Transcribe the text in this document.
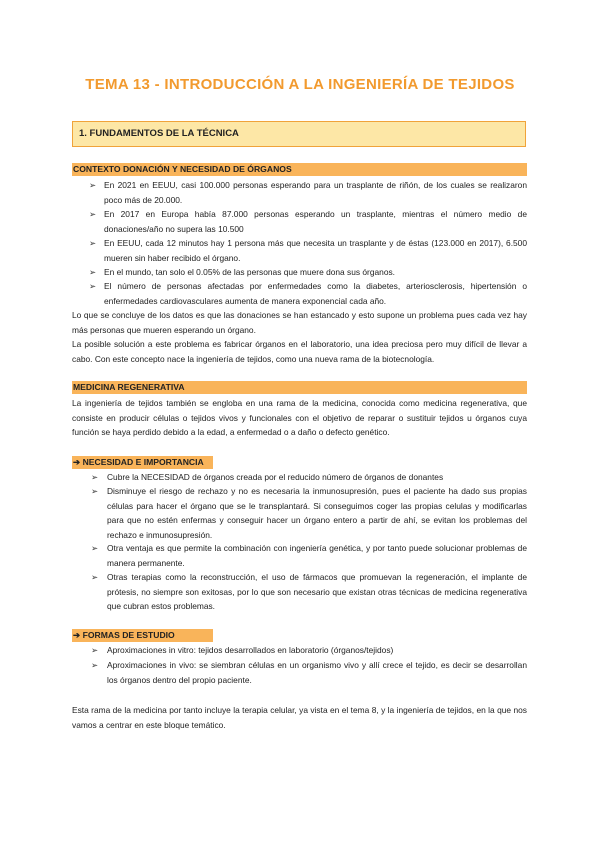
TEMA 13 - INTRODUCCIÓN A LA INGENIERÍA DE TEJIDOS
1. FUNDAMENTOS DE LA TÉCNICA
CONTEXTO DONACIÓN Y NECESIDAD DE ÓRGANOS
➢ En 2021 en EEUU, casi 100.000 personas esperando para un trasplante de riñón, de los cuales se realizaron poco más de 20.000.
➢ En 2017 en Europa había 87.000 personas esperando un trasplante, mientras el número medio de donaciones/año no supera las 10.500
➢ En EEUU, cada 12 minutos hay 1 persona más que necesita un trasplante y de éstas (123.000 en 2017), 6.500 mueren sin haber recibido el órgano.
➢ En el mundo, tan solo el 0.05% de las personas que muere dona sus órganos.
➢ El número de personas afectadas por enfermedades como la diabetes, arteriosclerosis, hipertensión o enfermedades cardiovasculares aumenta de manera exponencial cada año.
Lo que se concluye de los datos es que las donaciones se han estancado y esto supone un problema pues cada vez hay más personas que mueren esperando un órgano.
La posible solución a este problema es fabricar órganos en el laboratorio, una idea preciosa pero muy difícil de llevar a cabo. Con este concepto nace la ingeniería de tejidos, como una nueva rama de la biotecnología.
MEDICINA REGENERATIVA
La ingeniería de tejidos también se engloba en una rama de la medicina, conocida como medicina regenerativa, que consiste en producir células o tejidos vivos y funcionales con el objetivo de reparar o sustituir tejidos u órganos cuya función se haya perdido debido a la edad, a enfermedad o a daño o defecto genético.
➔ NECESIDAD E IMPORTANCIA
➢ Cubre la NECESIDAD de órganos creada por el reducido número de órganos de donantes
➢ Disminuye el riesgo de rechazo y no es necesaria la inmunosupresión, pues el paciente ha dado sus propias células para hacer el órgano que se le transplantará. Si conseguimos coger las propias celulas y modificarlas para que no estén enfermas y conseguir hacer un órgano entero a partir de ahí, se evitan los problemas del rechazo e inmunosupresión.
➢ Otra ventaja es que permite la combinación con ingeniería genética, y por tanto puede solucionar problemas de manera permanente.
➢ Otras terapias como la reconstrucción, el uso de fármacos que promuevan la regeneración, el implante de prótesis, no siempre son exitosas, por lo que son necesario que existan otras técnicas de medicina regenerativa que cubran estos problemas.
➔ FORMAS DE ESTUDIO
➢ Aproximaciones in vitro: tejidos desarrollados en laboratorio (órganos/tejidos)
➢ Aproximaciones in vivo: se siembran células en un organismo vivo y allí crece el tejido, es decir se desarrollan los órganos dentro del propio paciente.
Esta rama de la medicina por tanto incluye la terapia celular, ya vista en el tema 8, y la ingeniería de tejidos, en la que nos vamos a centrar en este bloque temático.
